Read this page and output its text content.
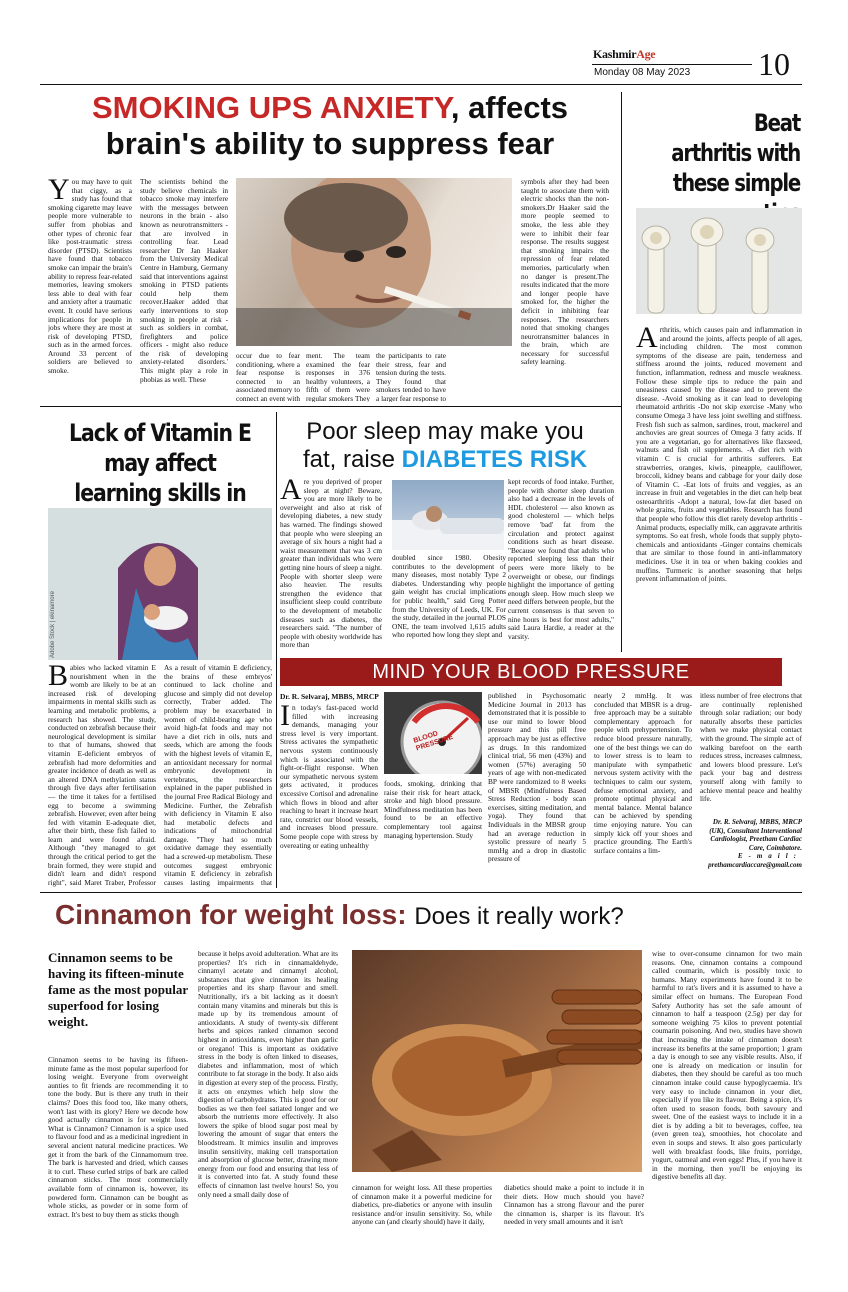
KashmirAge
Monday 08 May 2023 10
SMOKING UPS ANXIETY, affects
brain's ability to suppress fear
You may have to quit that ciggy, as a study has found that smoking cigarette may leave people more vulnerable to suffer from phobias and other types of chronic fear like post-traumatic stress disorder (PTSD). Scientists have found that tobacco smoke can impair the brain's ability to repress fear-related memories, leaving smokers less able to deal with fear and anxiety after a traumatic event. It could have serious implications for people in jobs where they are most at risk of developing PTSD, such as in the armed forces. Around 33 percent of soldiers are believed to smoke.
The scientists behind the study believe chemicals in tobacco smoke may interfere with the messages between neurons in the brain - also known as neurotransmitters - that are involved in controlling fear. Lead researcher Dr Jan Haaker from the University Medical Centre in Hamburg, Germany said that interventions against smoking in PTSD patients could help them recover.Haaker added that early interventions to stop smoking in people at risk - such as soldiers in combat, firefighters and police officers - might also reduce the risk of developing anxiety-related disorders.' This might play a role in phobias as well. These
occur due to fear conditioning, where a fear response is connected to an associated memory to connect an event with
ment. The team examined the fear responses in 376 healthy volunteers, a fifth of them were regular smokers They
the participants to rate their stress, fear and tension during the tests. They found that smokers tended to have a larger fear response to
symbols after they had been taught to associate them with electric shocks than the non-smokers.Dr Haaker said the more people seemed to smoke, the less able they were to inhibit their fear response. The results suggest that smoking impairs the repression of fear related memories, particularly when no danger is present.The results indicated that the more and longer people have smoked for, the higher the deficit in inhibiting fear responses. The researchers noted that smoking changes neurotransmitter balances in the brain, which are necessary for successful safety learning.
Beat arthritis with these simple
Arthritis, which causes pain and inflammation in and around the joints, affects people of all ages, including children. The most common symptoms of the disease are pain, tenderness and stiffness around the joints, reduced movement and function, inflammation, redness and muscle weakness. Follow these simple tips to reduce the pain and uneasiness caused by the disease and to prevent the disease. -Avoid smoking as it can lead to developing rheumatoid arthritis -Do not skip exercise -Many who consume Omega 3 have less joint swelling and stiffness. Fresh fish such as salmon, sardines, trout, mackerel and anchovies are great sources of Omega 3 fatty acids. If you are a vegetarian, go for alternatives like flaxseed, walnuts and fish oil supplements. -A diet rich with vitamin C is crucial for arthritis sufferers. Eat strawberries, oranges, kiwis, pineapple, cauliflower, broccoli, kidney beans and cabbage for your daily dose of Vitamin C. -Eat lots of fruits and veggies, as an increase in fruit and vegetables in the diet can help beat osteoarthritis -Adopt a natural, low-fat diet based on whole grains, fruits and vegetables. Research has found that people who follow this diet rarely develop arthritis -Animal products, especially milk, can aggravate arthritis symptoms. So eat fresh, whole foods that supply phyto-chemicals and antioxidants -Ginger contains chemicals that are similar to those found in anti-inflammatory medicines. Use it in tea or when baking cookies and muffins. Turmeric is another seasoning that helps prevent inflammation of joints.
Lack of Vitamin E may affect learning skills in
Adobe Stock | ekinamore
Babies who lacked vitamin E nourishment when in the womb are likely to be at an increased risk of developing impairments in mental skills such as learning and metabolic problems, a research has showed. The study, conducted on zebrafish because their neurological development is similar to that of humans, showed that vitamin E-deficient embryos of zebrafish had more deformities and greater incidence of death as well as an altered DNA methylation status through five days after fertilisation — the time it takes for a fertilised egg to become a swimming zebrafish. However, even after being fed with vitamin E-adequate diet, after their birth, these fish failed to learn and were found afraid. Although "they managed to get through the critical period to get the brain formed, they were stupid and didn't learn and didn't respond right", said Maret Traber, Professor
As a result of vitamin E deficiency, the brains of these embryos' continued to lack choline and glucose and simply did not develop correctly, Traber added. The problem may be exacerbated in women of child-bearing age who avoid high-fat foods and may not have a diet rich in oils, nuts and seeds, which are among the foods with the highest levels of vitamin E, an antioxidant necessary for normal embryonic development in vertebrates, the researchers explained in the paper published in the journal Free Radical Biology and Medicine. Further, the Zebrafish with deficiency in Vitamin E also had metabolic defects and indications of mitochondrial damage. "They had so much oxidative damage they essentially had a screwed-up metabolism. These outcomes suggest embryonic vitamin E deficiency in zebrafish causes lasting impairments that
Poor sleep may make you
fat, raise DIABETES RISK
Are you deprived of proper sleep at night? Beware, you are more likely to be overweight and also at risk of developing diabetes, a new study has warned. The findings showed that people who were sleeping an average of six hours a night had a waist measurement that was 3 cm greater than individuals who were getting nine hours of sleep a night. People with shorter sleep were also heavier. The results strengthen the evidence that insufficient sleep could contribute to the development of metabolic diseases such as diabetes, the researchers said. "The number of people with obesity worldwide has more than
doubled since 1980. Obesity contributes to the development of many diseases, most notably Type 2 diabetes. Understanding why people gain weight has crucial implications for public health," said Greg Potter from the University of Leeds, UK. For the study, detailed in the journal PLOS ONE, the team involved 1,615 adults who reported how long they slept and
kept records of food intake. Further, people with shorter sleep duration also had a decrease in the levels of HDL cholesterol — also known as good cholesterol — which helps remove 'bad' fat from the circulation and protect against conditions such as heart disease. "Because we found that adults who reported sleeping less than their peers were more likely to be overweight or obese, our findings highlight the importance of getting enough sleep. How much sleep we need differs between people, but the current consensus is that seven to nine hours is best for most adults," said Laura Hardie, a reader at the varsity.
MIND YOUR BLOOD PRESSURE
Dr. R. Selvaraj, MBBS, MRCP
In today's fast-paced world filled with increasing demands, managing your stress level is very important. Stress activates the sympathetic nervous system continuously which is associated with the fight-or-flight response. When our sympathetic nervous system gets activated, it produces excessive Cortisol and adrenaline which flows in blood and after reaching to heart it increase heart rate, constrict our blood vessels, and increases blood pressure. Some people cope with stress by overeating or eating unhealthy
BLOOD PRESSURE
foods, smoking, drinking that raise their risk for heart attack, stroke and high blood pressure. Mindfulness meditation has been found to be an effective complementary tool against managing hypertension. Study
published in Psychosomatic Medicine Journal in 2013 has demonstrated that it is possible to use our mind to lower blood pressure and this pill free approach may be just as effective as drugs. In this randomized clinical trial, 56 men (43%) and women (57%) averaging 50 years of age with non-medicated BP were randomized to 8 weeks of MBSR (Mindfulness Based Stress Reduction - body scan exercises, sitting meditation, and yoga). They found that Individuals in the MBSR group had an average reduction in systolic pressure of nearly 5 mmHg and a drop in diastolic pressure of
nearly 2 mmHg. It was concluded that MBSR is a drug-free approach may be a suitable complementary approach for people with prehypertension. To reduce blood pressure naturally, one of the best things we can do to lower stress is to learn to manipulate with sympathetic nervous system activity with the techniques to calm our system, defuse emotional anxiety, and promote optimal physical and mental balance. Mental balance can be achieved by spending time enjoying nature. You can simply kick off your shoes and practice grounding. The Earth's surface contains a lim-
itless number of free electrons that are continually replenished through solar radiation; our body naturally absorbs these particles when we make physical contact with the ground. The simple act of walking barefoot on the earth reduces stress, increases calmness, and lowers blood pressure. Let's pack your bag and destress yourself along with family to achieve mental peace and healthy life.
Dr. R. Selvaraj, MBBS, MRCP (UK), Consultant Interventional Cardiologist, Preetham Cardiac Care, Coimbatore.
E-mail:
prethamcardiaccare@gmail.com
Cinnamon for weight loss: Does it really work?
Cinnamon seems to be having its fifteen-minute fame as the most popular superfood for losing weight.
Cinnamon seems to be having its fifteen-minute fame as the most popular superfood for losing weight. Everyone from overweight aunties to fit friends are recommending it to tone the body. But is there any truth in their claims? Does this food too, like many others, won't last with its glory? Here we decode how good actually cinnamon is for weight loss. What is Cinnamon? Cinnamon is a spice used to flavour food and as a medicinal ingredient in several ancient natural medicine practices. We get it from the bark of the Cinnamomum tree. The bark is harvested and dried, which causes it to curl. These curled strips of bark are called cinnamon sticks. The most commercially available form of cinnamon is, however, its powdered form. Cinnamon can be bought as whole sticks, as powder or in some form of extract. It's best to buy them as sticks though
because it helps avoid adulteration. What are its properties? It's rich in cinnamaldehyde, cinnamyl acetate and cinnamyl alcohol, substances that give cinnamon its healing properties and its sharp flavour and smell. Nutritionally, it's a bit lacking as it doesn't contain many vitamins and minerals but this is made up by its tremendous amount of antioxidants. A study of twenty-six different herbs and spices ranked cinnamon second highest in antioxidants, even higher than garlic or oregano! This is important as oxidative stress in the body is often linked to diseases, diabetes and inflammation, most of which contribute to fat storage in the body. It also aids in digestion at every step of the process. Firstly, it acts on enzymes which help slow the digestion of carbohydrates. This is good for our bodies as we then feel satiated longer and we absorb the nutrients more effectively. It also lowers the spike of blood sugar post meal by lowering the amount of sugar that enters the bloodstream. It mimics insulin and improves insulin sensitivity, making cell transportation and absorption of glucose better, drawing more energy from our food and ensuring that less of it is converted into fat. A study found these effects of cinnamon last twelve hours! So, you only need a small daily dose of
cinnamon for weight loss. All these properties of cinnamon make it a powerful medicine for diabetics, pre-diabetics or anyone with insulin resistance and/or insulin sensitivity. So, while anyone can (and clearly should) have it daily,
diabetics should make a point to include it in their diets. How much should you have? Cinnamon has a strong flavour and the purer the cinnamon is, sharper is its flavour. It's needed in very small amounts and it isn't
wise to over-consume cinnamon for two main reasons. One, cinnamon contains a compound called coumarin, which is possibly toxic to humans. Many experiments have found it to be harmful to rat's livers and it is assumed to have a similar effect on humans. The European Food Safety Authority has set the safe amount of cinnamon to half a teaspoon (2.5g) per day for someone weighing 75 kilos to prevent potential coumarin poisoning. And two, studies have shown that increasing the intake of cinnamon doesn't increase its benefits at the same proportion; 1 gram a day is enough to see any visible results. Also, if one is already on medication or insulin for diabetes, then they should be careful as too much cinnamon intake could cause hypoglycaemia. It's very easy to include cinnamon in your diet, especially if you like its flavour. Being a spice, it's often used to season foods, both savoury and sweet. One of the easiest ways to include it in a diet is by adding a bit to beverages, coffee, tea (even green tea), smoothies, hot chocolate and even in soups and stews. It also goes particularly well with breakfast foods, like fruits, porridge, yogurt, oatmeal and even eggs! Plus, if you have it in the morning, then you'll be enjoying its digestive benefits all day.
